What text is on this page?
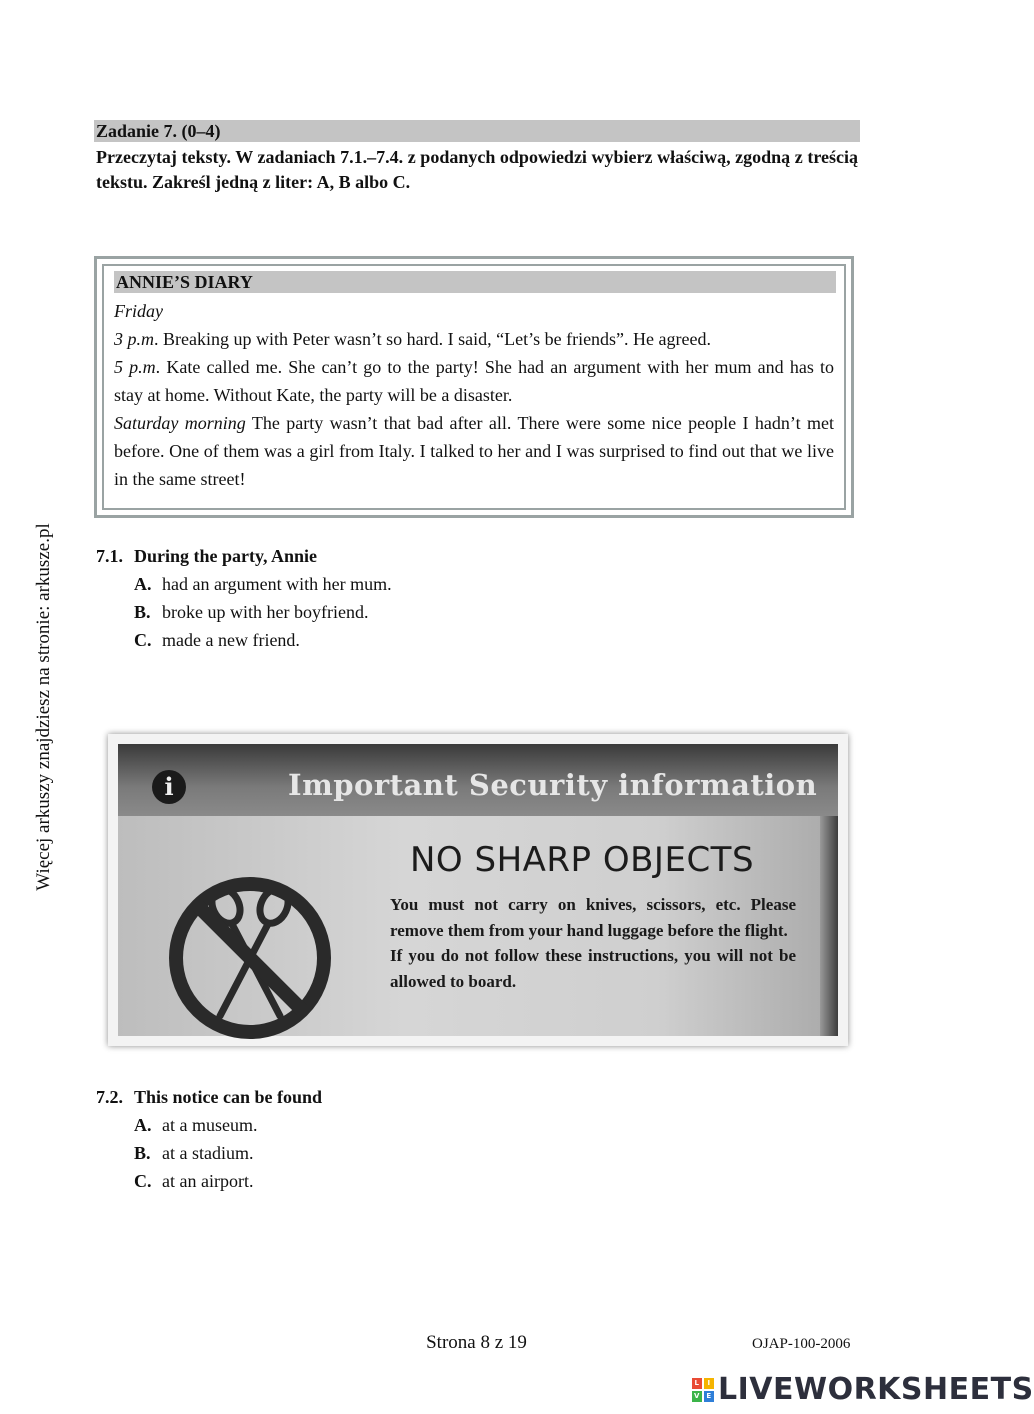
Więcej arkuszy znajdziesz na stronie: arkusze.pl
Zadanie 7. (0–4)
Przeczytaj teksty. W zadaniach 7.1.–7.4. z podanych odpowiedzi wybierz właściwą, zgodną z treścią tekstu. Zakreśl jedną z liter: A, B albo C.
ANNIE’S DIARY

Friday

3 p.m. Breaking up with Peter wasn’t so hard. I said, “Let’s be friends”. He agreed.

5 p.m. Kate called me. She can’t go to the party! She had an argument with her mum and has to stay at home. Without Kate, the party will be a disaster.

Saturday morning The party wasn’t that bad after all. There were some nice people I hadn’t met before. One of them was a girl from Italy. I talked to her and I was surprised to find out that we live in the same street!

7.1. During the party, Annie
A. had an argument with her mum.
B. broke up with her boyfriend.
C. made a new friend.
i	Important Security information
NO SHARP OBJECTS

You must not carry on knives, scissors, etc. Please remove them from your hand luggage before the flight.

If you do not follow these instructions, you will not be allowed to board.

7.2. This notice can be found
A. at a museum.
B. at a stadium.
C. at an airport.
Strona 8 z 19	OJAP-100-2006
L	I
V E LIVEWORKSHEETS
